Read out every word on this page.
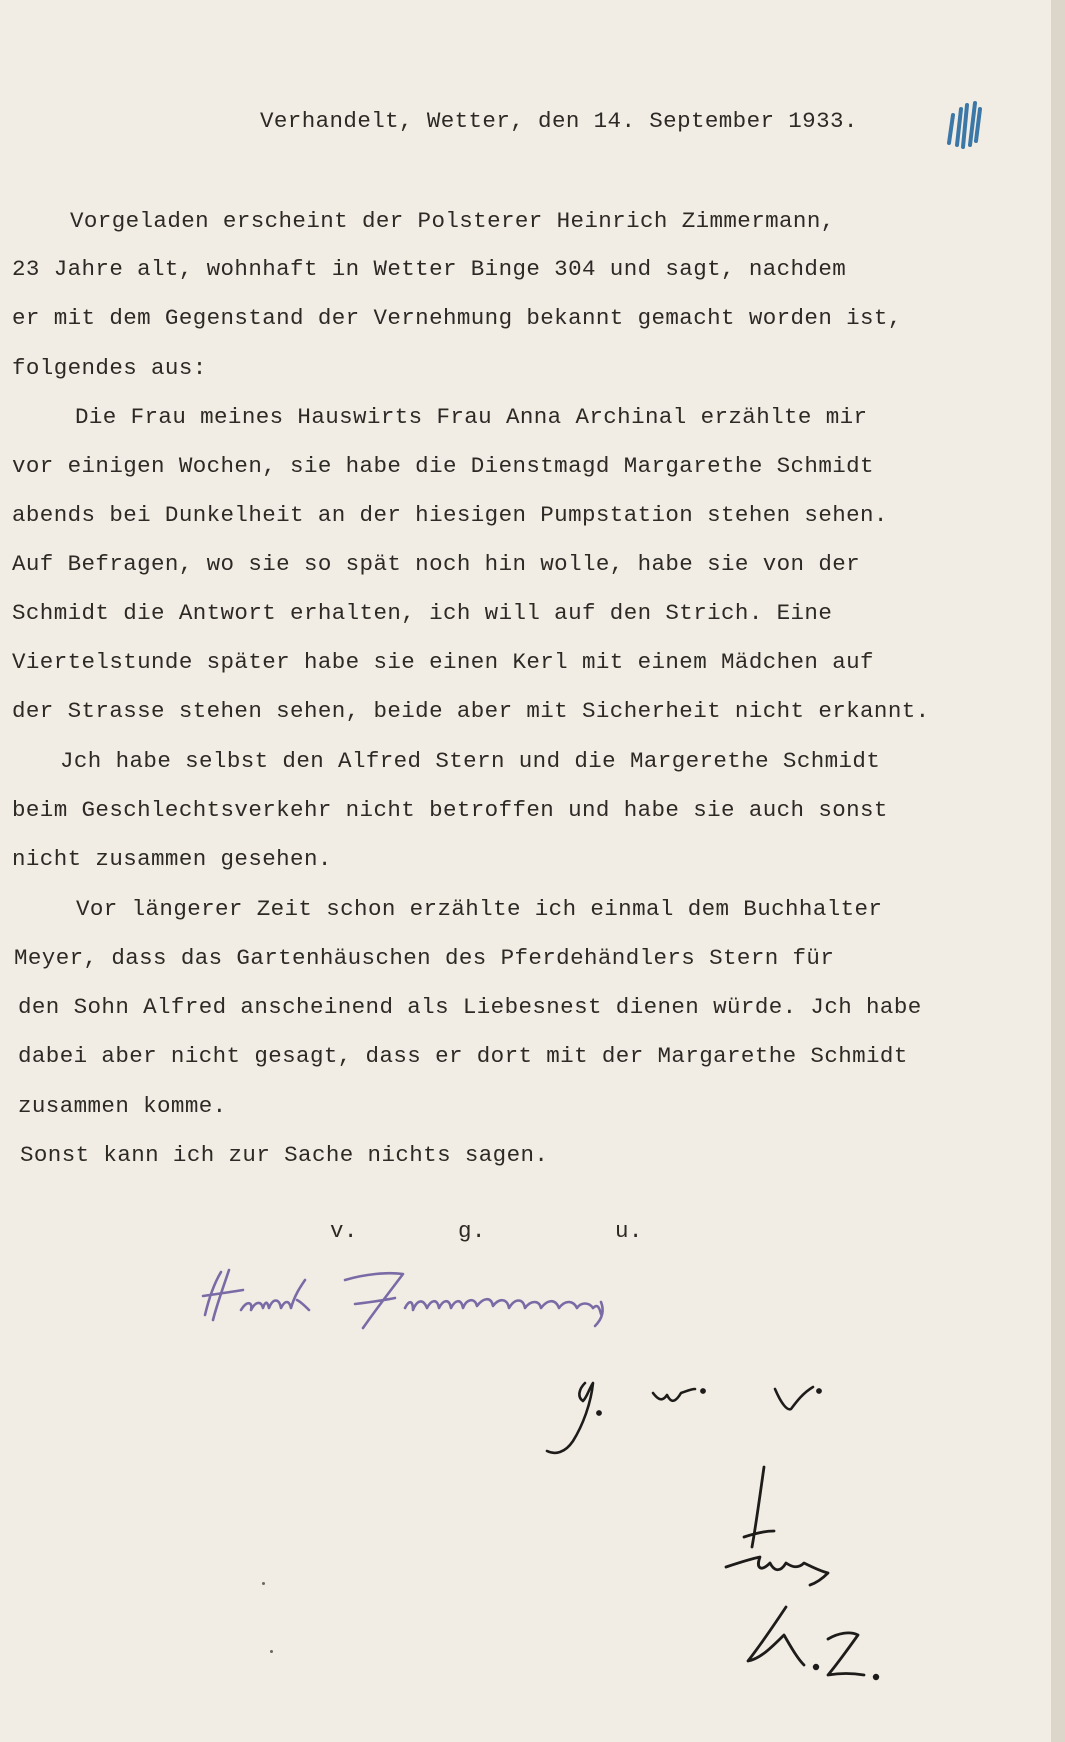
Verhandelt, Wetter, den 14. September 1933.
Vorgeladen erscheint der Polsterer Heinrich Zimmermann,
23 Jahre alt, wohnhaft in Wetter Binge 304 und sagt, nachdem
er mit dem Gegenstand der Vernehmung bekannt gemacht worden ist,
folgendes aus:
Die Frau meines Hauswirts Frau Anna Archinal erzählte mir
vor einigen Wochen, sie habe die Dienstmagd Margarethe Schmidt
abends bei Dunkelheit an der hiesigen Pumpstation stehen sehen.
Auf Befragen, wo sie so spät noch hin wolle, habe sie von der
Schmidt die Antwort erhalten, ich will auf den Strich. Eine
Viertelstunde später habe sie einen Kerl mit einem Mädchen auf
der Strasse stehen sehen, beide aber mit Sicherheit nicht erkannt.
Jch habe selbst den Alfred Stern und die Margerethe Schmidt
beim Geschlechtsverkehr nicht betroffen und habe sie auch sonst
nicht zusammen gesehen.
Vor längerer Zeit schon erzählte ich einmal dem Buchhalter
Meyer, dass das Gartenhäuschen des Pferdehändlers Stern für
den Sohn Alfred anscheinend als Liebesnest dienen würde. Jch habe
dabei aber nicht gesagt, dass er dort mit der Margarethe Schmidt
zusammen komme.
Sonst kann ich zur Sache nichts sagen.
v.	g.	u.
